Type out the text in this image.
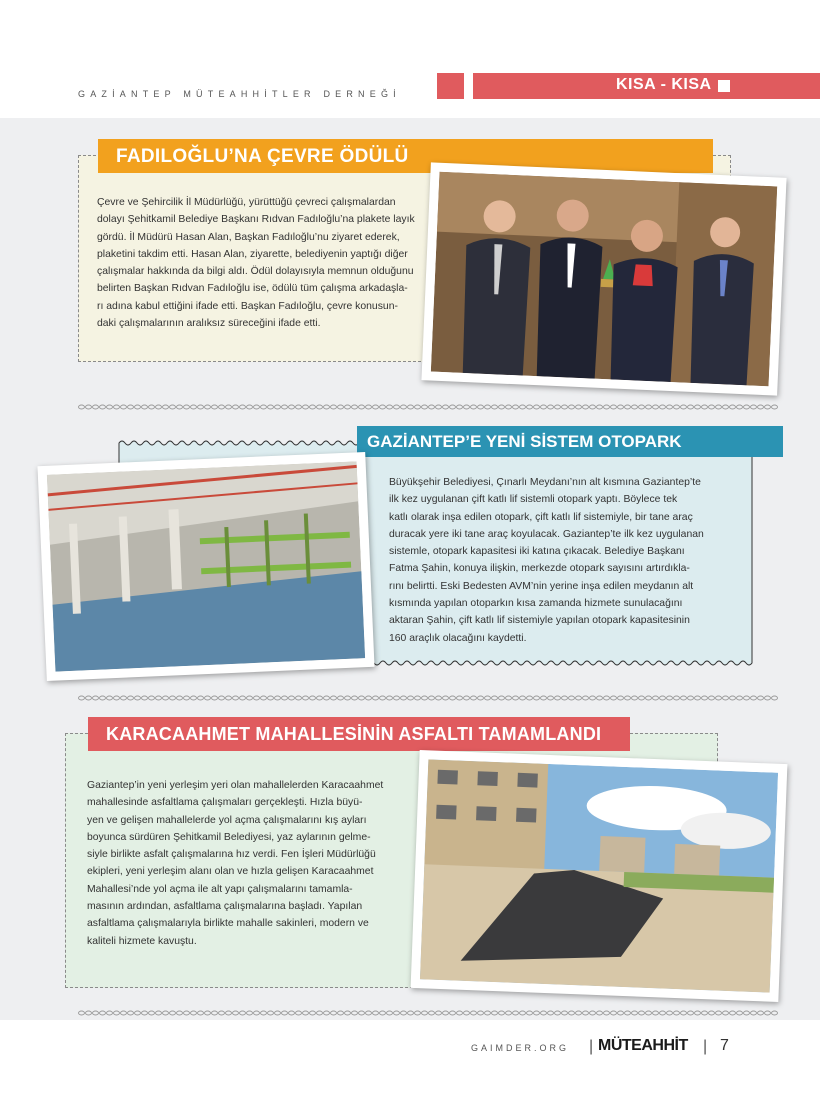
GAZİANTEP MÜTEAHHİTLER DERNEĞİ
KISA - KISA
FADILOĞLU’NA ÇEVRE ÖDÜLÜ
Çevre ve Şehircilik İl Müdürlüğü, yürüttüğü çevreci çalışmalardan
dolayı Şehitkamil Belediye Başkanı Rıdvan Fadıloğlu’na plakete layık
gördü. İl Müdürü Hasan Alan, Başkan Fadıloğlu’nu ziyaret ederek,
plaketini takdim etti. Hasan Alan, ziyarette, belediyenin yaptığı diğer
çalışmalar hakkında da bilgi aldı. Ödül dolayısıyla memnun olduğunu
belirten Başkan Rıdvan Fadıloğlu ise, ödülü tüm çalışma arkadaşla-
rı adına kabul ettiğini ifade etti. Başkan Fadıloğlu, çevre konusun-
daki çalışmalarının aralıksız süreceğini ifade etti.
GAZİANTEP’E YENİ SİSTEM OTOPARK
Büyükşehir Belediyesi, Çınarlı Meydanı’nın alt kısmına Gaziantep’te
ilk kez uygulanan çift katlı lif sistemli otopark yaptı. Böylece tek
katlı olarak inşa edilen otopark, çift katlı lif sistemiyle, bir tane araç
duracak yere iki tane araç koyulacak. Gaziantep’te ilk kez uygulanan
sistemle, otopark kapasitesi iki katına çıkacak. Belediye Başkanı
Fatma Şahin, konuya ilişkin, merkezde otopark sayısını artırdıkla-
rını belirtti. Eski Bedesten AVM’nin yerine inşa edilen meydanın alt
kısmında yapılan otoparkın kısa zamanda hizmete sunulacağını
aktaran Şahin, çift katlı lif sistemiyle yapılan otopark kapasitesinin
160 araçlık olacağını kaydetti.
KARACAAHMET MAHALLESİNİN ASFALTI TAMAMLANDI
Gaziantep’in yeni yerleşim yeri olan mahallelerden Karacaahmet
mahallesinde asfaltlama çalışmaları gerçekleşti. Hızla büyü-
yen ve gelişen mahallelerde yol açma çalışmalarını kış ayları
boyunca sürdüren Şehitkamil Belediyesi, yaz aylarının gelme-
siyle birlikte asfalt çalışmalarına hız verdi. Fen İşleri Müdürlüğü
ekipleri, yeni yerleşim alanı olan ve hızla gelişen Karacaahmet
Mahallesi’nde yol açma ile alt yapı çalışmalarını tamamla-
masının ardından, asfaltlama çalışmalarına başladı. Yapılan
asfaltlama çalışmalarıyla birlikte mahalle sakinleri, modern ve
kaliteli hizmete kavuştu.
GAIMDER.ORG | MÜTEAHHİT | 7
